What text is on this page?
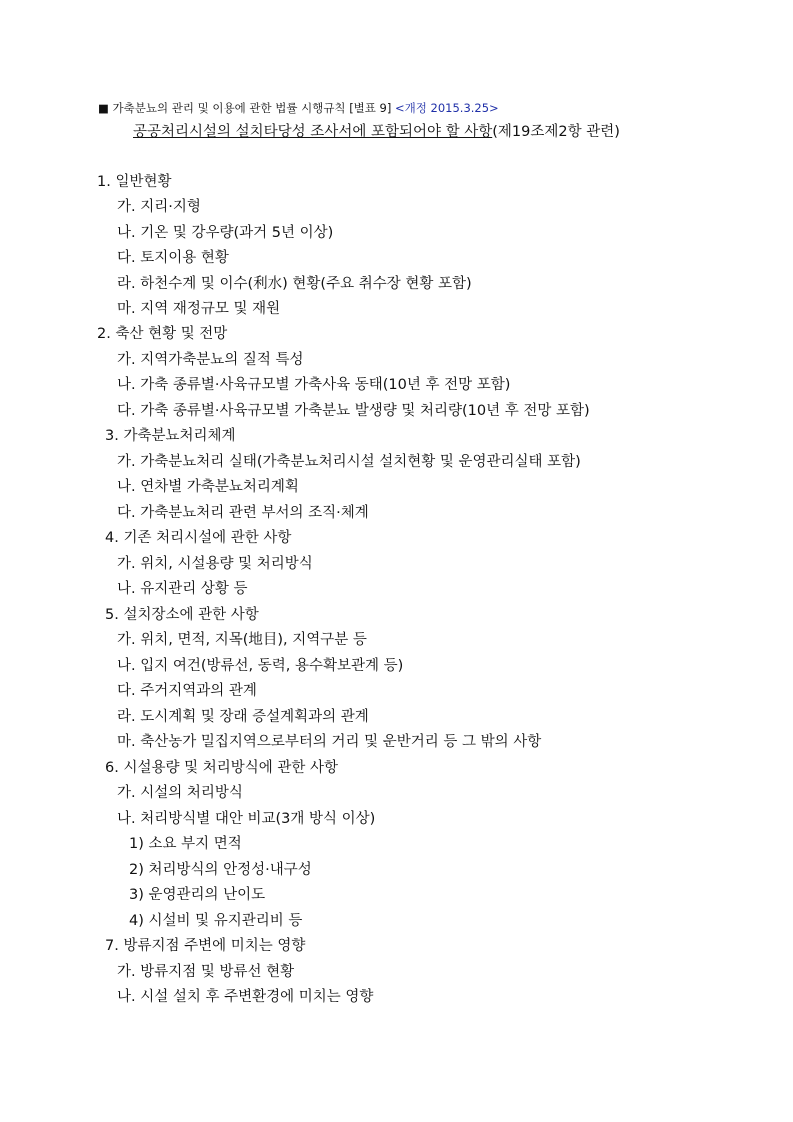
■ 가축분뇨의 관리 및 이용에 관한 법률 시행규칙 [별표 9] <개정 2015.3.25>
공공처리시설의 설치타당성 조사서에 포함되어야 할 사항(제19조제2항 관련)
1. 일반현황
가. 지리·지형
나. 기온 및 강우량(과거 5년 이상)
다. 토지이용 현황
라. 하천수계 및 이수(利水) 현황(주요 취수장 현황 포함)
마. 지역 재정규모 및 재원
2. 축산 현황 및 전망
가. 지역가축분뇨의 질적 특성
나. 가축 종류별·사육규모별 가축사육 동태(10년 후 전망 포함)
다. 가축 종류별·사육규모별 가축분뇨 발생량 및 처리량(10년 후 전망 포함)
3. 가축분뇨처리체계
가. 가축분뇨처리 실태(가축분뇨처리시설 설치현황 및 운영관리실태 포함)
나. 연차별 가축분뇨처리계획
다. 가축분뇨처리 관련 부서의 조직·체계
4. 기존 처리시설에 관한 사항
가. 위치, 시설용량 및 처리방식
나. 유지관리 상황 등
5. 설치장소에 관한 사항
가. 위치, 면적, 지목(地目), 지역구분 등
나. 입지 여건(방류선, 동력, 용수확보관계 등)
다. 주거지역과의 관계
라. 도시계획 및 장래 증설계획과의 관계
마. 축산농가 밀집지역으로부터의 거리 및 운반거리 등 그 밖의 사항
6. 시설용량 및 처리방식에 관한 사항
가. 시설의 처리방식
나. 처리방식별 대안 비교(3개 방식 이상)
1) 소요 부지 면적
2) 처리방식의 안정성·내구성
3) 운영관리의 난이도
4) 시설비 및 유지관리비 등
7. 방류지점 주변에 미치는 영향
가. 방류지점 및 방류선 현황
나. 시설 설치 후 주변환경에 미치는 영향
